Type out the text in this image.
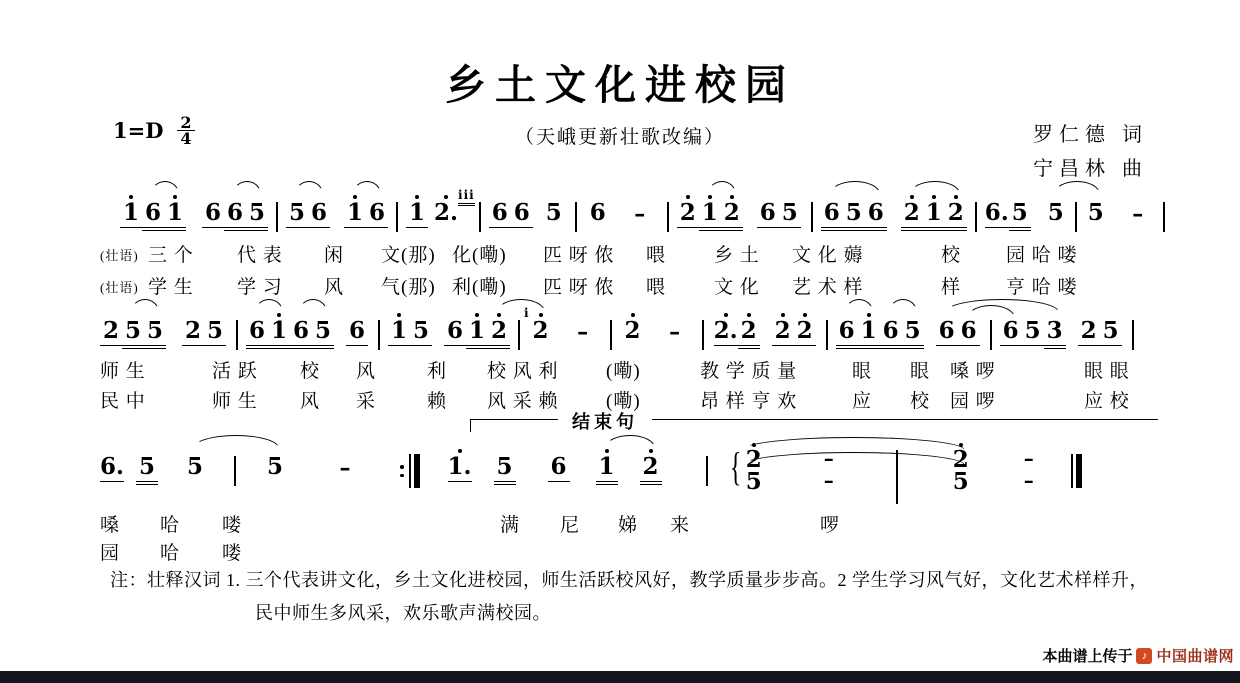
乡土文化进校园
（天峨更新壮歌改编）
$1=D \frac{2}{4}$	罗仁德 词
宁昌林 曲
1 6 1 6 6 5 5 6 1 6 1 2.
iii
6 6 5 6	–	2 1 2 6 5 6 5 6 2 1 2 6. 5 5 5	–
2 5 5 2 5 6 1 6 5 6 1 5 6 1 2
i
2	–	2	–	2. 2 2 2 6 1 6 5 6 6 6 5 3 2 5
结束句
6. 5 5	5	–	1. 5 6 1 2 { 2
5
–
–
2
5
–
–
(壮语) 三 个 代 表 闲 文(那) 化(嘞) 匹 呀 侬 喂	乡 土 文 化 薅	校 园 哈 喽
(壮语) 学 生 学 习 风 气(那) 利(嘞) 匹 呀 侬 喂	文 化 艺 术 样	样 亨 哈 喽
师 生	活 跃 校 风	利 校 风 利 (嘞)	教 学 质 量	眼 眼 嗓 啰	眼 眼
民 中	师 生 风 采	赖 风 采 赖 (嘞)	昂 样 亨 欢	应 校 园 啰	应 校
嗓 哈 喽	满 尼 娣 来	啰
园 哈 喽
注：壮释汉词 1. 三个代表讲文化，乡土文化进校园，师生活跃校风好，教学质量步步高。2 学生学习风气好，文化艺术样样升，
民中师生多风采，欢乐歌声满校园。
本曲谱上传于 ♪ 中国曲谱网
